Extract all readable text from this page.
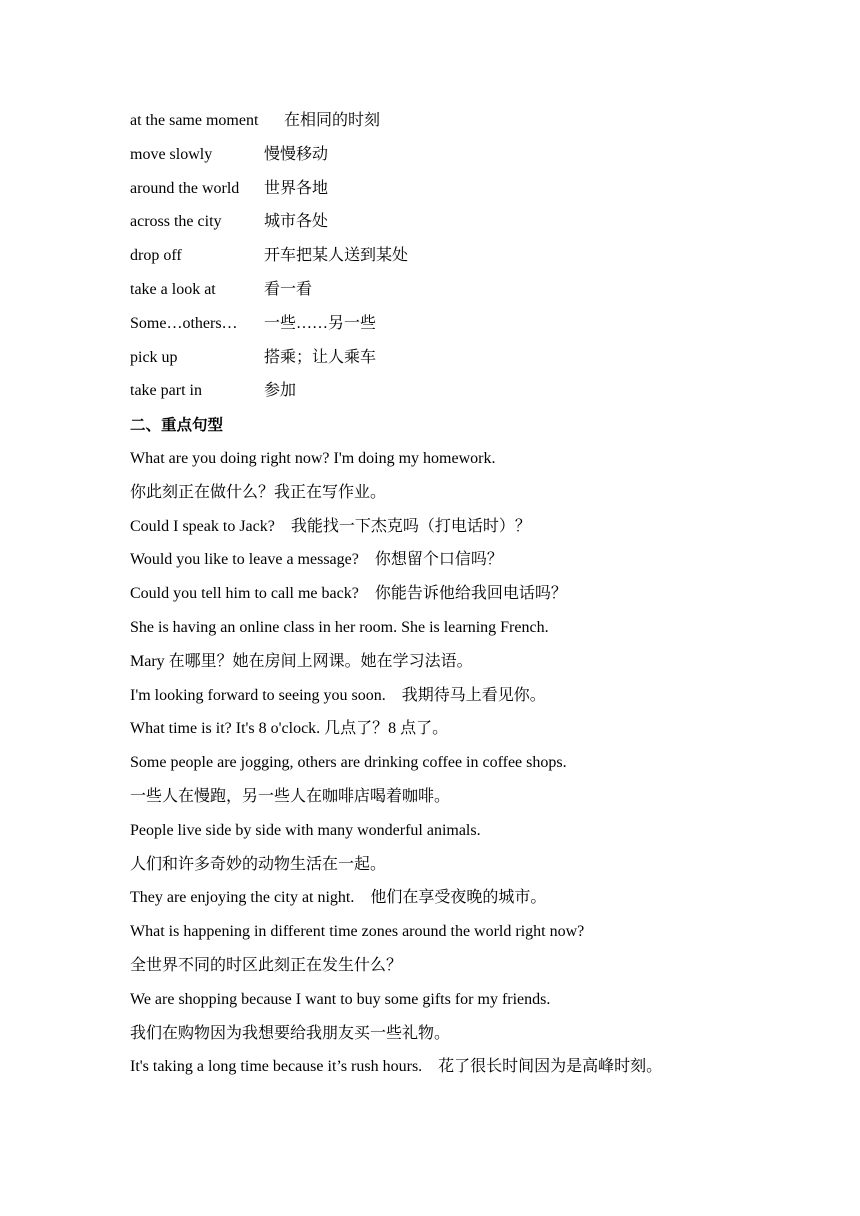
at the same moment	在相同的时刻
move slowly	慢慢移动
around the world	世界各地
across the city	城市各处
drop off	开车把某人送到某处
take a look at	看一看
Some…others…	一些……另一些
pick up	搭乘；让人乘车
take part in	参加
二、重点句型
What are you doing right now? I'm doing my homework.
你此刻正在做什么？我正在写作业。
Could I speak to Jack? 我能找一下杰克吗（打电话时）？
Would you like to leave a message? 你想留个口信吗？
Could you tell him to call me back? 你能告诉他给我回电话吗？
She is having an online class in her room. She is learning French.
Mary 在哪里？她在房间上网课。她在学习法语。
I'm looking forward to seeing you soon. 我期待马上看见你。
What time is it? It's 8 o'clock. 几点了？8 点了。
Some people are jogging, others are drinking coffee in coffee shops.
一些人在慢跑，另一些人在咖啡店喝着咖啡。
People live side by side with many wonderful animals.
人们和许多奇妙的动物生活在一起。
They are enjoying the city at night. 他们在享受夜晚的城市。
What is happening in different time zones around the world right now?
全世界不同的时区此刻正在发生什么？
We are shopping because I want to buy some gifts for my friends.
我们在购物因为我想要给我朋友买一些礼物。
It's taking a long time because it’s rush hours. 花了很长时间因为是高峰时刻。
